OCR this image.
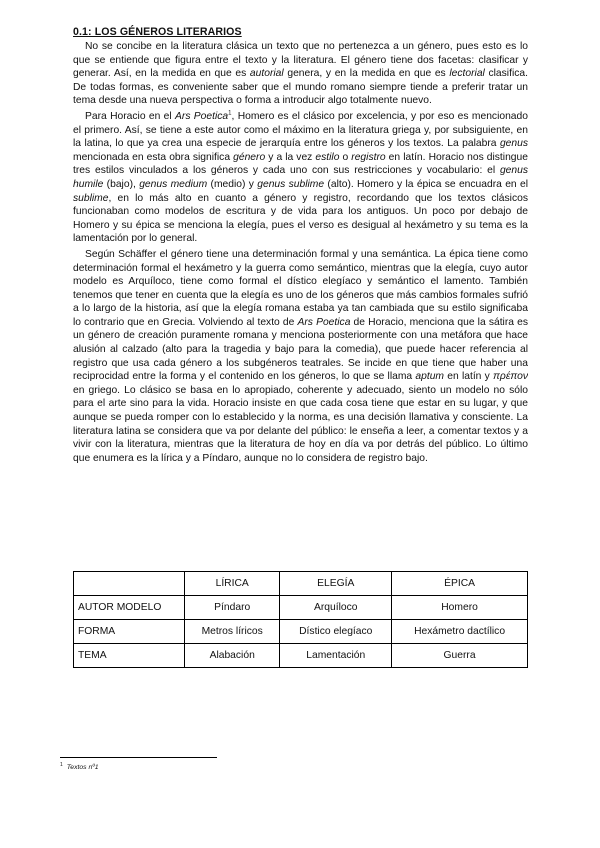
0.1: LOS GÉNEROS LITERARIOS

No se concibe en la literatura clásica un texto que no pertenezca a un género, pues esto es lo que se entiende que figura entre el texto y la literatura. El género tiene dos facetas: clasificar y generar. Así, en la medida en que es autorial genera, y en la medida en que es lectorial clasifica. De todas formas, es conveniente saber que el mundo romano siempre tiende a preferir tratar un tema desde una nueva perspectiva o forma a introducir algo totalmente nuevo.

Para Horacio en el Ars Poetica$^1$, Homero es el clásico por excelencia, y por eso es mencionado el primero. Así, se tiene a este autor como el máximo en la literatura griega y, por subsiguiente, en la latina, lo que ya crea una especie de jerarquía entre los géneros y los textos. La palabra genus mencionada en esta obra significa género y a la vez estilo o registro en latín. Horacio nos distingue tres estilos vinculados a los géneros y cada uno con sus restricciones y vocabulario: el genus humile (bajo), genus medium (medio) y genus sublime (alto). Homero y la épica se encuadra en el sublime, en lo más alto en cuanto a género y registro, recordando que los textos clásicos funcionaban como modelos de escritura y de vida para los antiguos. Un poco por debajo de Homero y su épica se menciona la elegía, pues el verso es desigual al hexámetro y su tema es la lamentación por lo general.

Según Schäffer el género tiene una determinación formal y una semántica. La épica tiene como determinación formal el hexámetro y la guerra como semántico, mientras que la elegía, cuyo autor modelo es Arquíloco, tiene como formal el dístico elegíaco y semántico el lamento. También tenemos que tener en cuenta que la elegía es uno de los géneros que más cambios formales sufrió a lo largo de la historia, así que la elegía romana estaba ya tan cambiada que su estilo significaba lo contrario que en Grecia. Volviendo al texto de Ars Poetica de Horacio, menciona que la sátira es un género de creación puramente romana y menciona posteriormente con una metáfora que hace alusión al calzado (alto para la tragedia y bajo para la comedia), que puede hacer referencia al registro que usa cada género a los subgéneros teatrales. Se incide en que tiene que haber una reciprocidad entre la forma y el contenido en los géneros, lo que se llama aptum en latín y πρέπον en griego. Lo clásico se basa en lo apropiado, coherente y adecuado, siento un modelo no sólo para el arte sino para la vida. Horacio insiste en que cada cosa tiene que estar en su lugar, y que aunque se pueda romper con lo establecido y la norma, es una decisión llamativa y consciente. La literatura latina se considera que va por delante del público: le enseña a leer, a comentar textos y a vivir con la literatura, mientras que la literatura de hoy en día va por detrás del público. Lo último que enumera es la lírica y a Píndaro, aunque no lo considera de registro bajo.

	LÍRICA	ELEGÍA	ÉPICA
AUTOR MODELO	Píndaro	Arquíloco	Homero
FORMA	Metros líricos	Dístico elegíaco	Hexámetro dactílico
TEMA	Alabación	Lamentación	Guerra
$^1$ Textos nº1
